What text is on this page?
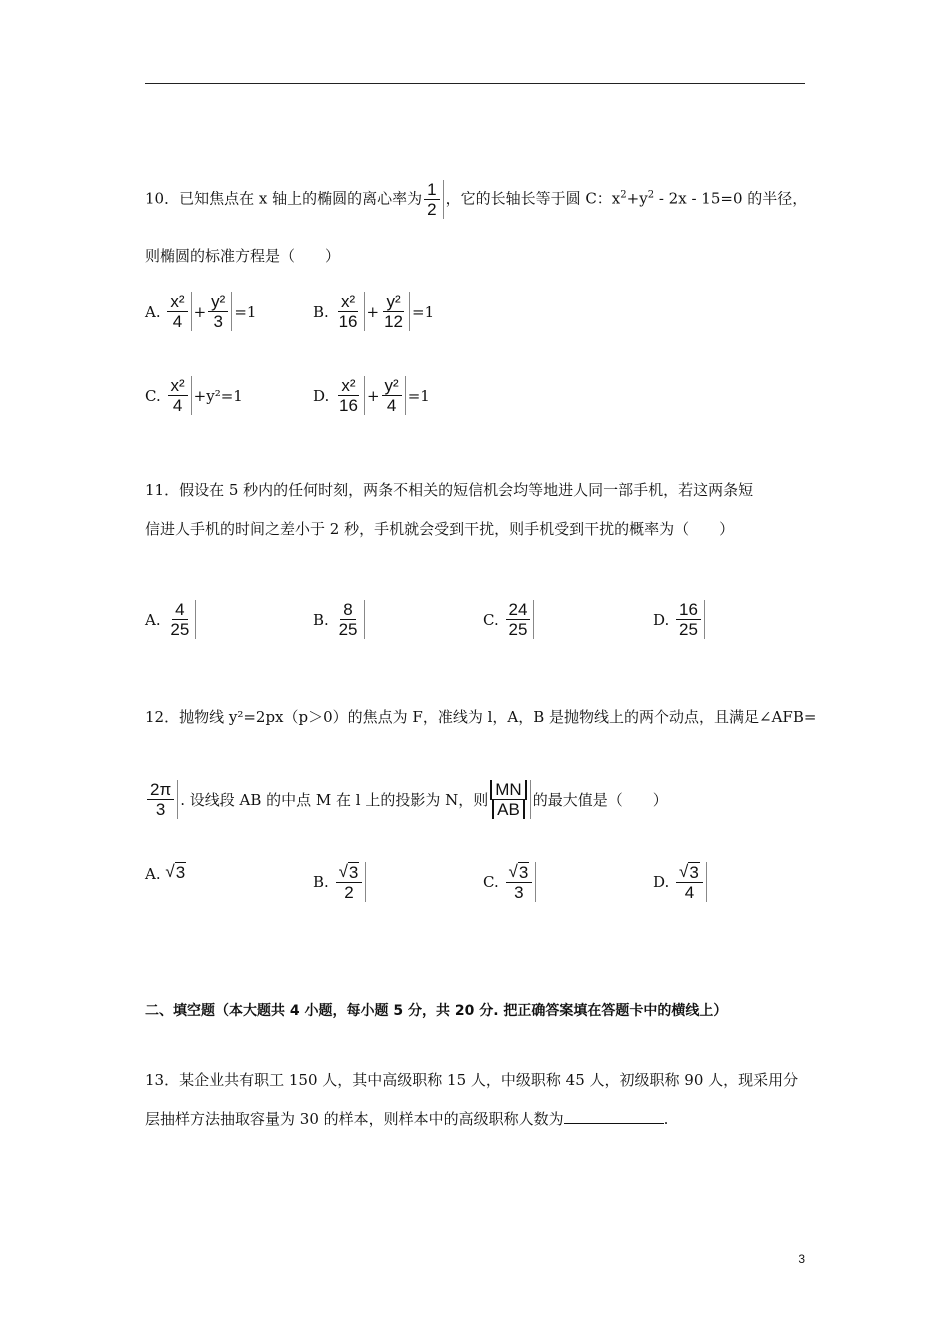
10．已知焦点在 x 轴上的椭圆的离心率为 $\frac{1}{2}$ ，它的长轴长等于圆 C：$x^2+y^2 - 2x - 15=0$ 的半径，
则椭圆的标准方程是（　　）
A.
$\frac{\text{x²}}{4} + \frac{\text{y²}}{3} =1$	B.
$\frac{\text{x²}}{16} + \frac{\text{y²}}{12} =1$
C.
$\frac{\text{x²}}{4} +y^2=1$	D.
$\frac{\text{x²}}{16} + \frac{\text{y²}}{4} =1$
11．假设在 5 秒内的任何时刻，两条不相关的短信机会均等地进人同一部手机，若这两条短
信进人手机的时间之差小于 2 秒，手机就会受到干扰，则手机受到干扰的概率为（　　）
A.
$\frac{4}{25}$	B.
$\frac{8}{25}$	C.
$\frac{24}{25}$	D.
$\frac{16}{25}$
12．抛物线 y²=2px（p＞0）的焦点为 F，准线为 l，A，B 是抛物线上的两个动点，且满足∠AFB=
$\frac{2\pi}{3}$ . 设线段 AB 的中点 M 在 l 上的投影为 N，则 $\frac{MN}{AB}$ 的最大值是（　　）
A.
√ 3	B.
$\frac{√ 3}{2}$	C.
$\frac{√ 3}{3}$	D.
$\frac{√ 3}{4}$
二、填空题（本大题共 4 小题，每小题 5 分，共 20 分. 把正确答案填在答题卡中的横线上）
13．某企业共有职工 150 人，其中高级职称 15 人，中级职称 45 人，初级职称 90 人，现采用分
层抽样方法抽取容量为 30 的样本，则样本中的高级职称人数为	.
3
